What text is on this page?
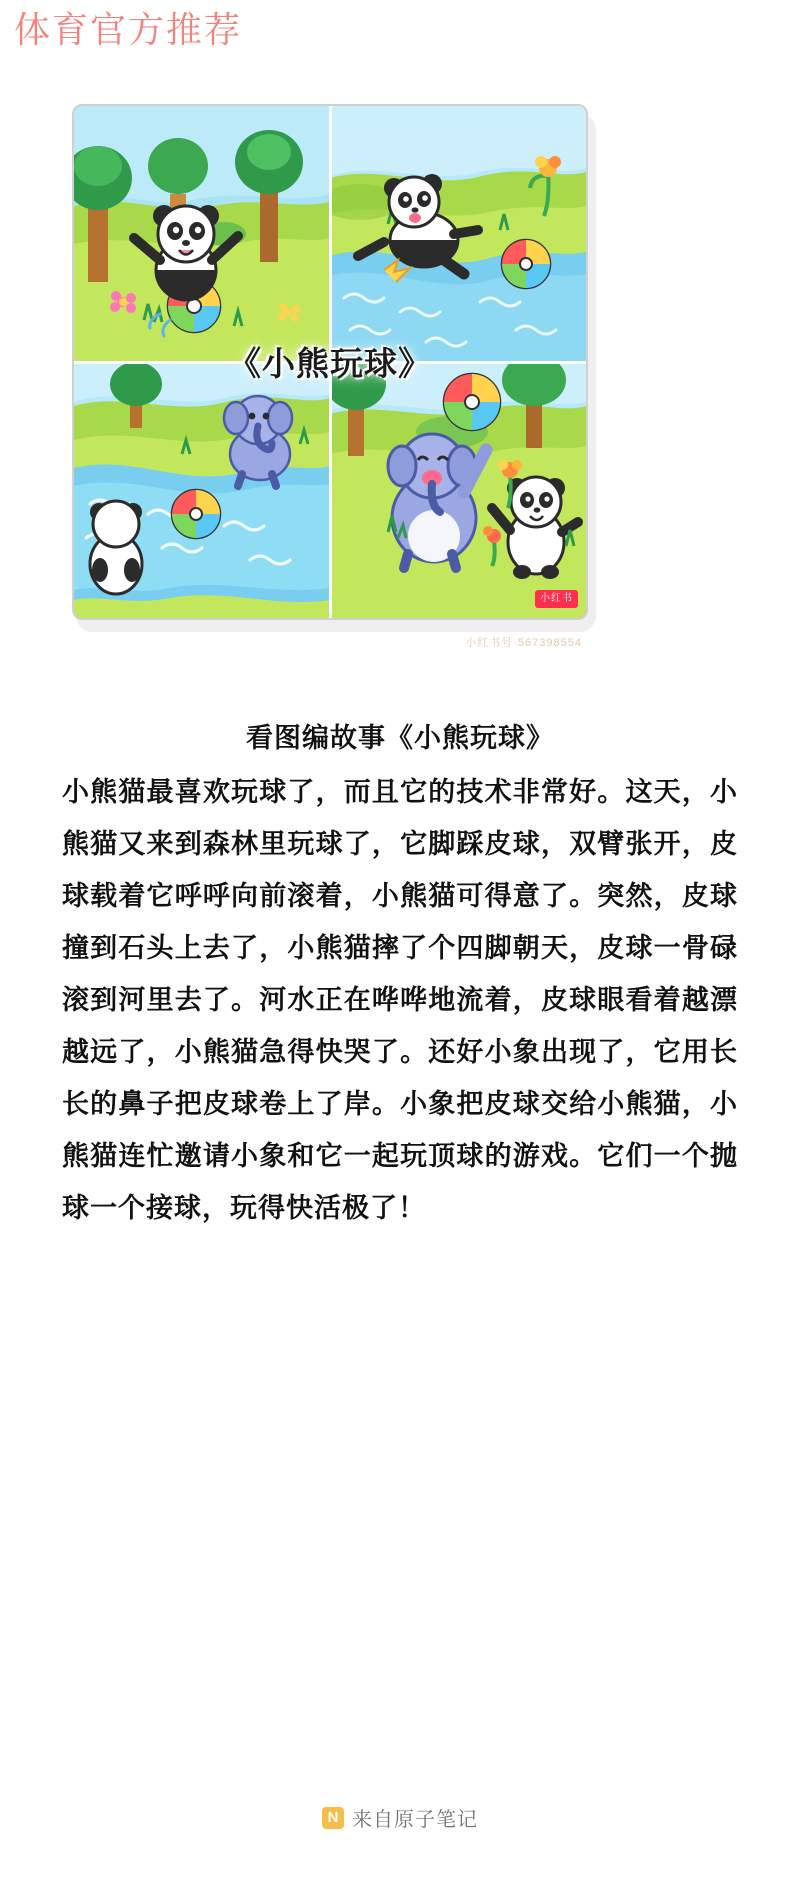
体育官方推荐
《小熊玩球》
小红书
小红书号·567398554
看图编故事《小熊玩球》
小熊猫最喜欢玩球了，而且它的技术非常好。这天，小熊猫又来到森林里玩球了，它脚踩皮球，双臂张开，皮球载着它呼呼向前滚着，小熊猫可得意了。突然，皮球撞到石头上去了，小熊猫摔了个四脚朝天，皮球一骨碌滚到河里去了。河水正在哗哗地流着，皮球眼看着越漂越远了，小熊猫急得快哭了。还好小象出现了，它用长长的鼻子把皮球卷上了岸。小象把皮球交给小熊猫，小熊猫连忙邀请小象和它一起玩顶球的游戏。它们一个抛球一个接球，玩得快活极了！
N 来自原子笔记
